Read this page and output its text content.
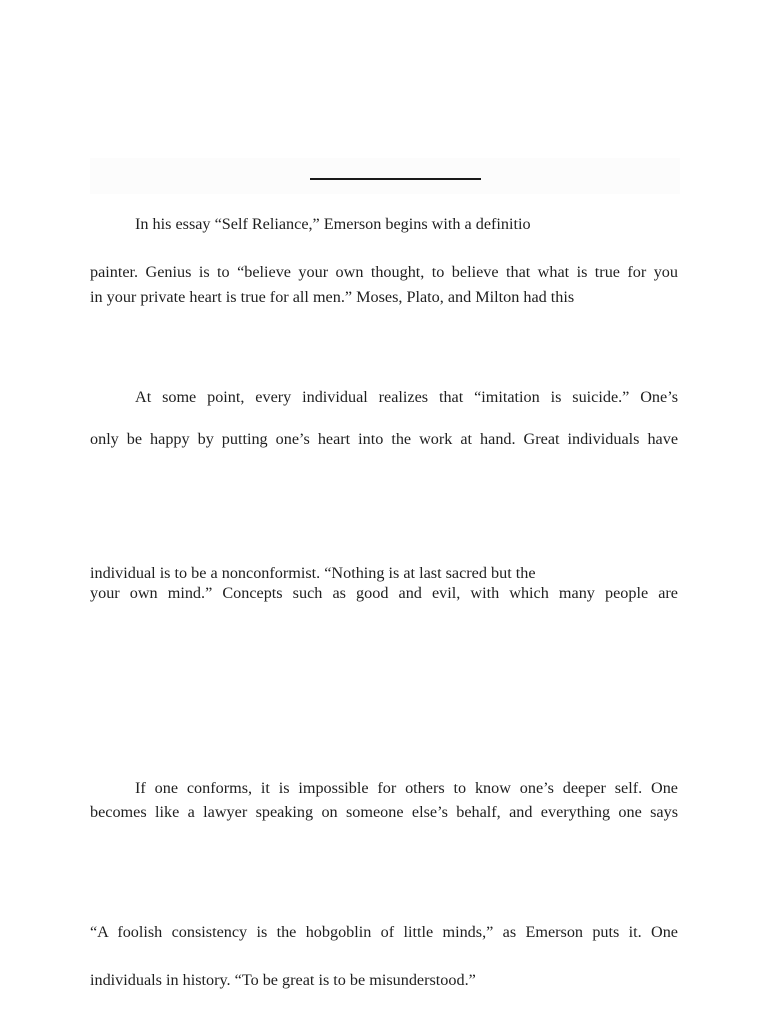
In his essay “Self Reliance,” Emerson begins with a definitio
painter. Genius is to “believe your own thought, to believe that what is true for you
in your private heart is true for all men.” Moses, Plato, and Milton had this
At some point, every individual realizes that “imitation is suicide.” One’s
only be happy by putting one’s heart into the work at hand. Great individuals have
individual is to be a nonconformist. “Nothing is at last sacred but the
your own mind.” Concepts such as good and evil, with which many people are
If one conforms, it is impossible for others to know one’s deeper self. One
becomes like a lawyer speaking on someone else’s behalf, and everything one says
“A foolish consistency is the hobgoblin of little minds,” as Emerson puts it. One
individuals in history. “To be great is to be misunderstood.”
